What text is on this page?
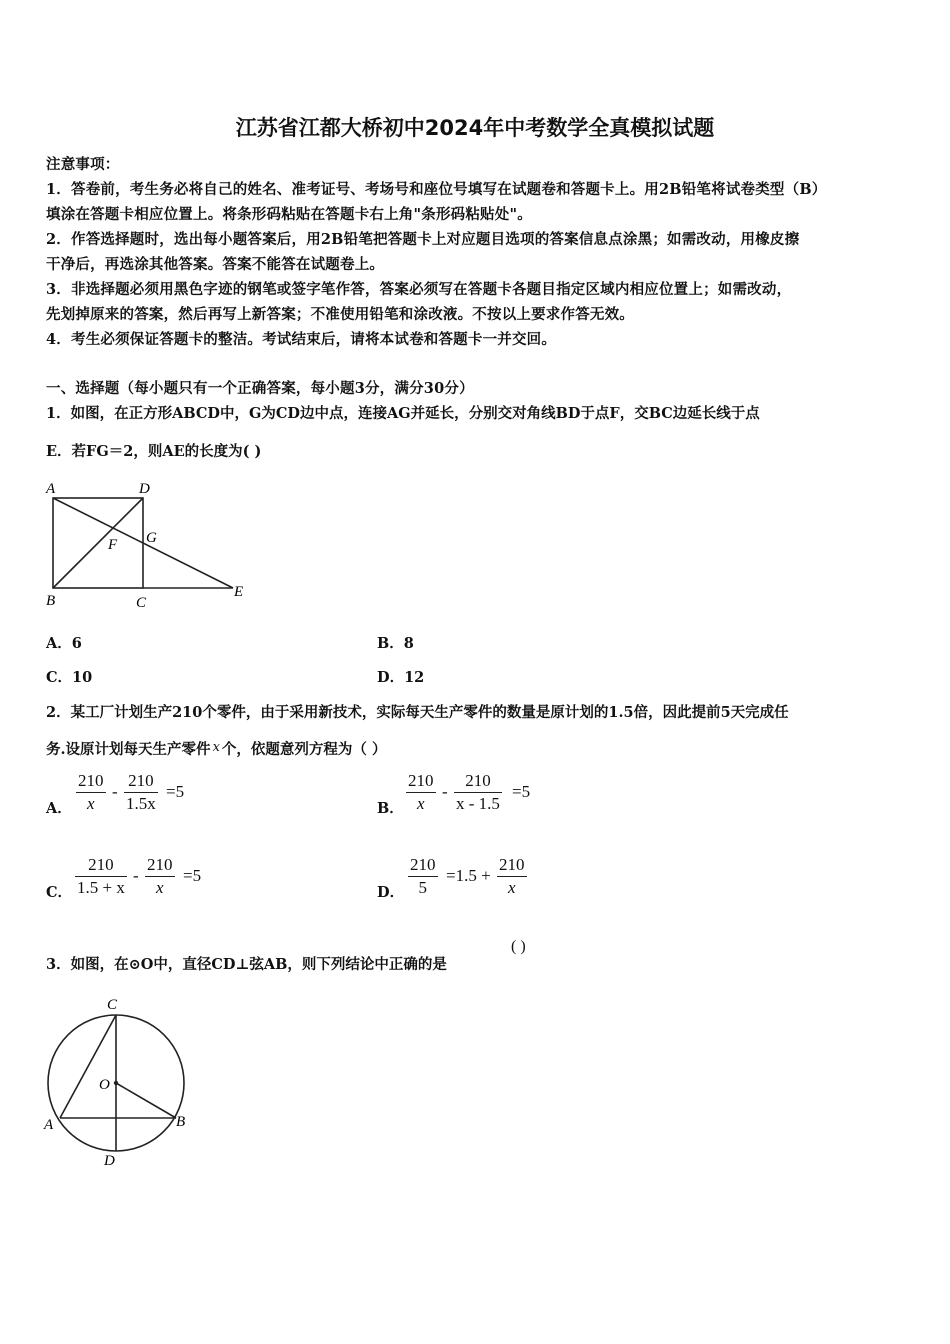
江苏省江都大桥初中2024年中考数学全真模拟试题
注意事项：
1．答卷前，考生务必将自己的姓名、准考证号、考场号和座位号填写在试题卷和答题卡上。用2B铅笔将试卷类型（B）
填涂在答题卡相应位置上。将条形码粘贴在答题卡右上角"条形码粘贴处"。
2．作答选择题时，选出每小题答案后，用2B铅笔把答题卡上对应题目选项的答案信息点涂黑；如需改动，用橡皮擦
干净后，再选涂其他答案。答案不能答在试题卷上。
3．非选择题必须用黑色字迹的钢笔或签字笔作答，答案必须写在答题卡各题目指定区域内相应位置上；如需改动，
先划掉原来的答案，然后再写上新答案；不准使用铅笔和涂改液。不按以上要求作答无效。
4．考生必须保证答题卡的整洁。考试结束后，请将本试卷和答题卡一并交回。
一、选择题（每小题只有一个正确答案，每小题3分，满分30分）
1．如图，在正方形ABCD中，G为CD边中点，连接AG并延长，分别交对角线BD于点F，交BC边延长线于点
E．若FG＝2，则AE的长度为( )
A	D
F G
B	C
E
A．6	B．8
C．10	D．12
2．某工厂计划生产210个零件，由于采用新技术，实际每天生产零件的数量是原计划的1.5倍，因此提前5天完成任
务.设原计划每天生产零件 x 个，依题意列方程为（ ）
A． $\frac{210}{x} - \frac{210}{1.5x} =5$
B． $\frac{210}{x} - \frac{210}{x - 1.5} =5$
C． $\frac{210}{1.5 + x} - \frac{210}{x} =5$
D． $\frac{210}{5} =1.5 + \frac{210}{x}$
3．如图，在⊙O中，直径CD⊥弦AB，则下列结论中正确的是
( )
C
O
A	B
D
